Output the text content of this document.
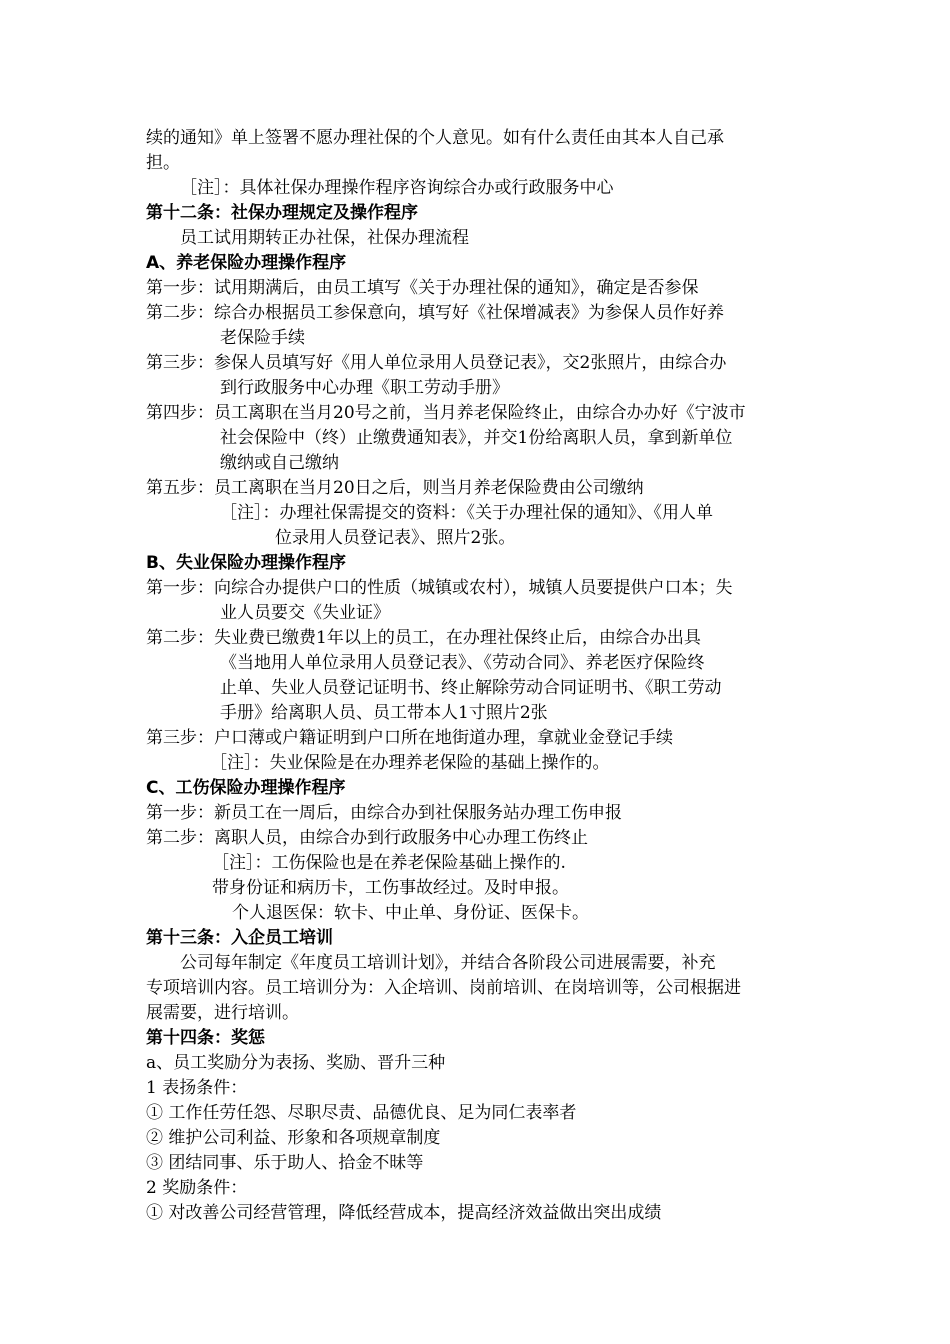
续的通知》单上签署不愿办理社保的个人意见。如有什么责任由其本人自己承
担。
［注］：具体社保办理操作程序咨询综合办或行政服务中心
第十二条：社保办理规定及操作程序
员工试用期转正办社保，社保办理流程
A、养老保险办理操作程序
第一步：试用期满后，由员工填写《关于办理社保的通知》，确定是否参保
第二步：综合办根据员工参保意向，填写好《社保增减表》为参保人员作好养
老保险手续
第三步：参保人员填写好《用人单位录用人员登记表》，交2张照片，由综合办
到行政服务中心办理《职工劳动手册》
第四步：员工离职在当月20号之前，当月养老保险终止，由综合办办好《宁波市
社会保险中（终）止缴费通知表》，并交1份给离职人员，拿到新单位
缴纳或自己缴纳
第五步：员工离职在当月20日之后，则当月养老保险费由公司缴纳
［注］：办理社保需提交的资料：《关于办理社保的通知》、《用人单
位录用人员登记表》、照片2张。
B、失业保险办理操作程序
第一步：向综合办提供户口的性质（城镇或农村），城镇人员要提供户口本；失
业人员要交《失业证》
第二步：失业费已缴费1年以上的员工，在办理社保终止后，由综合办出具
《当地用人单位录用人员登记表》、《劳动合同》、养老医疗保险终
止单、失业人员登记证明书、终止解除劳动合同证明书、《职工劳动
手册》给离职人员、员工带本人1寸照片2张
第三步：户口薄或户籍证明到户口所在地街道办理，拿就业金登记手续
［注］：失业保险是在办理养老保险的基础上操作的。
C、工伤保险办理操作程序
第一步：新员工在一周后，由综合办到社保服务站办理工伤申报
第二步：离职人员，由综合办到行政服务中心办理工伤终止
［注］：工伤保险也是在养老保险基础上操作的.
带身份证和病历卡，工伤事故经过。及时申报。
个人退医保：软卡、中止单、身份证、医保卡。
第十三条：入企员工培训
公司每年制定《年度员工培训计划》，并结合各阶段公司进展需要，补充
专项培训内容。员工培训分为：入企培训、岗前培训、在岗培训等，公司根据进
展需要，进行培训。
第十四条：奖惩
a、员工奖励分为表扬、奖励、晋升三种
1 表扬条件：
① 工作任劳任怨、尽职尽责、品德优良、足为同仁表率者
② 维护公司利益、形象和各项规章制度
③ 团结同事、乐于助人、拾金不昧等
2 奖励条件：
① 对改善公司经营管理，降低经营成本，提高经济效益做出突出成绩
